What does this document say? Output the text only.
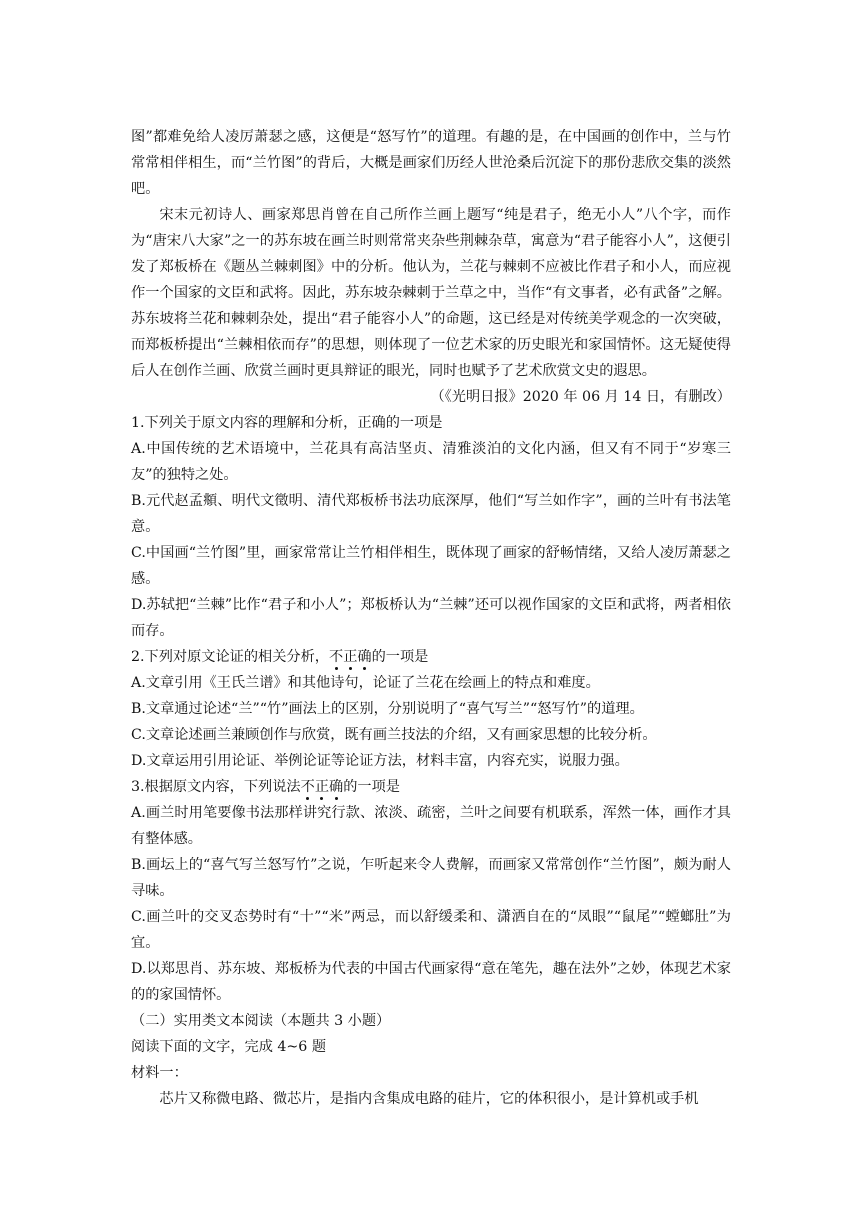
图”都难免给人凌厉萧瑟之感，这便是“怒写竹”的道理。有趣的是，在中国画的创作中，兰与竹常常相伴相生，而“兰竹图”的背后，大概是画家们历经人世沧桑后沉淀下的那份悲欣交集的淡然吧。

宋末元初诗人、画家郑思肖曾在自己所作兰画上题写“纯是君子，绝无小人”八个字，而作为“唐宋八大家”之一的苏东坡在画兰时则常常夹杂些荆棘杂草，寓意为“君子能容小人”，这便引发了郑板桥在《题丛兰棘刺图》中的分析。他认为，兰花与棘刺不应被比作君子和小人，而应视作一个国家的文臣和武将。因此，苏东坡杂棘刺于兰草之中，当作“有文事者，必有武备”之解。苏东坡将兰花和棘刺杂处，提出“君子能容小人”的命题，这已经是对传统美学观念的一次突破，而郑板桥提出“兰棘相依而存”的思想，则体现了一位艺术家的历史眼光和家国情怀。这无疑使得后人在创作兰画、欣赏兰画时更具辩证的眼光，同时也赋予了艺术欣赏文史的遐思。

（《光明日报》2020 年 06 月 14 日，有删改）

1.下列关于原文内容的理解和分析，正确的一项是

A.中国传统的艺术语境中，兰花具有高洁坚贞、清雅淡泊的文化内涵，但又有不同于“岁寒三友”的独特之处。

B.元代赵孟頫、明代文徵明、清代郑板桥书法功底深厚，他们“写兰如作字”，画的兰叶有书法笔意。

C.中国画“兰竹图”里，画家常常让兰竹相伴相生，既体现了画家的舒畅情绪，又给人凌厉萧瑟之感。

D.苏轼把“兰棘”比作“君子和小人”；郑板桥认为“兰棘”还可以视作国家的文臣和武将，两者相依而存。

2.下列对原文论证的相关分析，不正确的一项是

A.文章引用《王氏兰谱》和其他诗句，论证了兰花在绘画上的特点和难度。

B.文章通过论述“兰”“竹”画法上的区别，分别说明了“喜气写兰”“怒写竹”的道理。

C.文章论述画兰兼顾创作与欣赏，既有画兰技法的介绍，又有画家思想的比较分析。

D.文章运用引用论证、举例论证等论证方法，材料丰富，内容充实，说服力强。

3.根据原文内容，下列说法不正确的一项是

A.画兰时用笔要像书法那样讲究行款、浓淡、疏密，兰叶之间要有机联系，浑然一体，画作才具有整体感。

B.画坛上的“喜气写兰怒写竹”之说，乍听起来令人费解，而画家又常常创作“兰竹图”，颇为耐人寻味。

C.画兰叶的交叉态势时有“十”“米”两忌，而以舒缓柔和、潇洒自在的“凤眼”“鼠尾”“螳螂肚”为宜。

D.以郑思肖、苏东坡、郑板桥为代表的中国古代画家得“意在笔先，趣在法外”之妙，体现艺术家的的家国情怀。

（二）实用类文本阅读（本题共 3 小题）

阅读下面的文字，完成 4~6 题

材料一：

芯片又称微电路、微芯片，是指内含集成电路的硅片，它的体积很小，是计算机或手机
